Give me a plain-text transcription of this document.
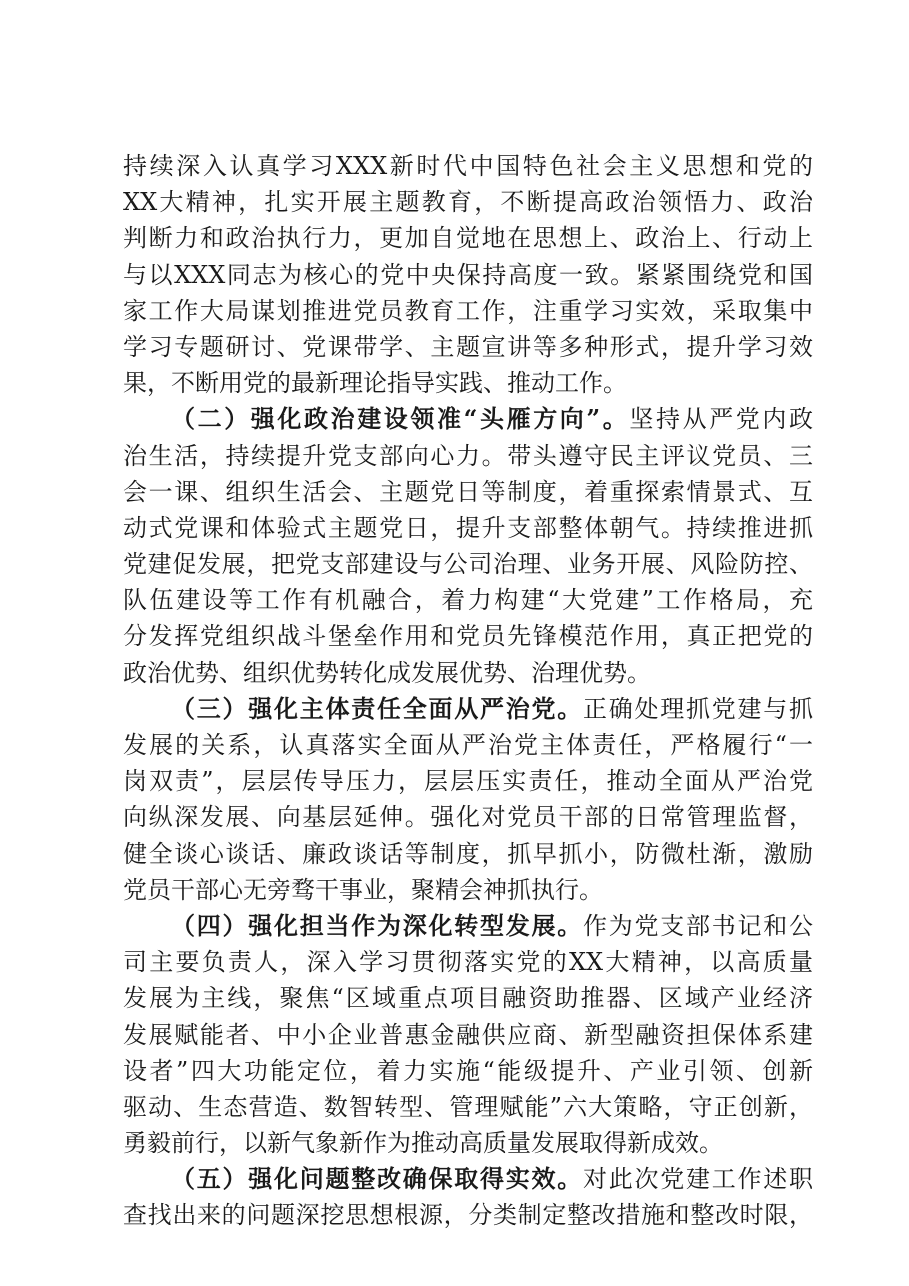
持续深入认真学习XXX新时代中国特色社会主义思想和党的
XX大精神，扎实开展主题教育，不断提高政治领悟力、政治
判断力和政治执行力，更加自觉地在思想上、政治上、行动上
与以XXX同志为核心的党中央保持高度一致。紧紧围绕党和国
家工作大局谋划推进党员教育工作，注重学习实效，采取集中
学习专题研讨、党课带学、主题宣讲等多种形式，提升学习效
果，不断用党的最新理论指导实践、推动工作。
（二）强化政治建设领准“头雁方向”。坚持从严党内政
治生活，持续提升党支部向心力。带头遵守民主评议党员、三
会一课、组织生活会、主题党日等制度，着重探索情景式、互
动式党课和体验式主题党日，提升支部整体朝气。持续推进抓
党建促发展，把党支部建设与公司治理、业务开展、风险防控、
队伍建设等工作有机融合，着力构建“大党建”工作格局，充
分发挥党组织战斗堡垒作用和党员先锋模范作用，真正把党的
政治优势、组织优势转化成发展优势、治理优势。
（三）强化主体责任全面从严治党。正确处理抓党建与抓
发展的关系，认真落实全面从严治党主体责任，严格履行“一
岗双责”，层层传导压力，层层压实责任，推动全面从严治党
向纵深发展、向基层延伸。强化对党员干部的日常管理监督，
健全谈心谈话、廉政谈话等制度，抓早抓小，防微杜渐，激励
党员干部心无旁骛干事业，聚精会神抓执行。
（四）强化担当作为深化转型发展。作为党支部书记和公
司主要负责人，深入学习贯彻落实党的XX大精神，以高质量
发展为主线，聚焦“区域重点项目融资助推器、区域产业经济
发展赋能者、中小企业普惠金融供应商、新型融资担保体系建
设者”四大功能定位，着力实施“能级提升、产业引领、创新
驱动、生态营造、数智转型、管理赋能”六大策略，守正创新，
勇毅前行，以新气象新作为推动高质量发展取得新成效。
（五）强化问题整改确保取得实效。对此次党建工作述职
查找出来的问题深挖思想根源，分类制定整改措施和整改时限，
